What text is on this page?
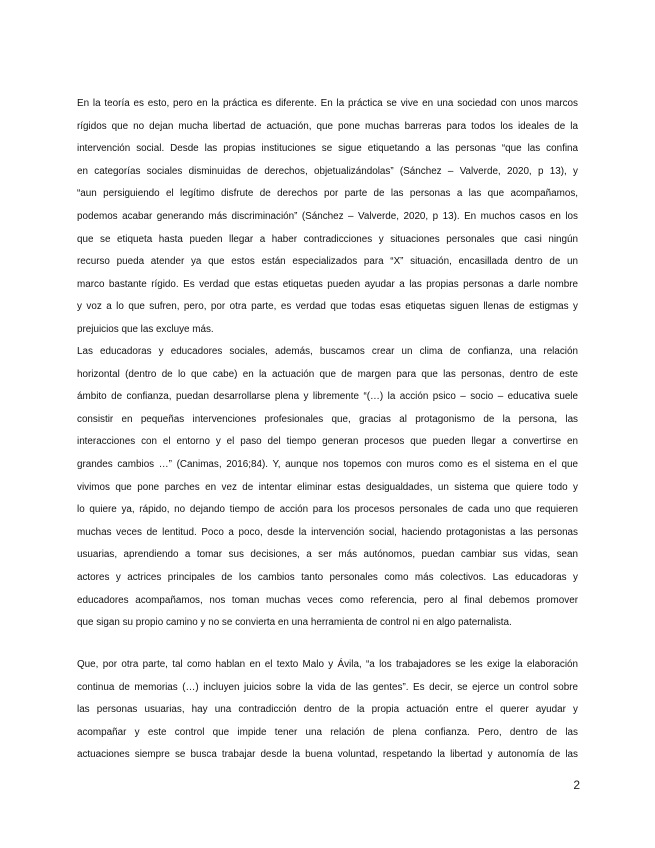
En la teoría es esto, pero en la práctica es diferente. En la práctica se vive en una sociedad con unos marcos
rígidos que no dejan mucha libertad de actuación, que pone muchas barreras para todos los ideales de la
intervención social. Desde las propias instituciones se sigue etiquetando a las personas “que las confina
en categorías sociales disminuidas de derechos, objetualizándolas” (Sánchez – Valverde, 2020, p 13), y
“aun persiguiendo el legítimo disfrute de derechos por parte de las personas a las que acompañamos,
podemos acabar generando más discriminación” (Sánchez – Valverde, 2020, p 13). En muchos casos en los
que se etiqueta hasta pueden llegar a haber contradicciones y situaciones personales que casi ningún
recurso pueda atender ya que estos están especializados para “X” situación, encasillada dentro de un
marco bastante rígido. Es verdad que estas etiquetas pueden ayudar a las propias personas a darle nombre
y voz a lo que sufren, pero, por otra parte, es verdad que todas esas etiquetas siguen llenas de estigmas y
prejuicios que las excluye más.
Las educadoras y educadores sociales, además, buscamos crear un clima de confianza, una relación
horizontal (dentro de lo que cabe) en la actuación que de margen para que las personas, dentro de este
ámbito de confianza, puedan desarrollarse plena y libremente “(…) la acción psico – socio – educativa suele
consistir en pequeñas intervenciones profesionales que, gracias al protagonismo de la persona, las
interacciones con el entorno y el paso del tiempo generan procesos que pueden llegar a convertirse en
grandes cambios …” (Canimas, 2016;84). Y, aunque nos topemos con muros como es el sistema en el que
vivimos que pone parches en vez de intentar eliminar estas desigualdades, un sistema que quiere todo y
lo quiere ya, rápido, no dejando tiempo de acción para los procesos personales de cada uno que requieren
muchas veces de lentitud. Poco a poco, desde la intervención social, haciendo protagonistas a las personas
usuarias, aprendiendo a tomar sus decisiones, a ser más autónomos, puedan cambiar sus vidas, sean
actores y actrices principales de los cambios tanto personales como más colectivos. Las educadoras y
educadores acompañamos, nos toman muchas veces como referencia, pero al final debemos promover
que sigan su propio camino y no se convierta en una herramienta de control ni en algo paternalista.
Que, por otra parte, tal como hablan en el texto Malo y Ávila, “a los trabajadores se les exige la elaboración
continua de memorias (…) incluyen juicios sobre la vida de las gentes”. Es decir, se ejerce un control sobre
las personas usuarias, hay una contradicción dentro de la propia actuación entre el querer ayudar y
acompañar y este control que impide tener una relación de plena confianza. Pero, dentro de las
actuaciones siempre se busca trabajar desde la buena voluntad, respetando la libertad y autonomía de las
2
